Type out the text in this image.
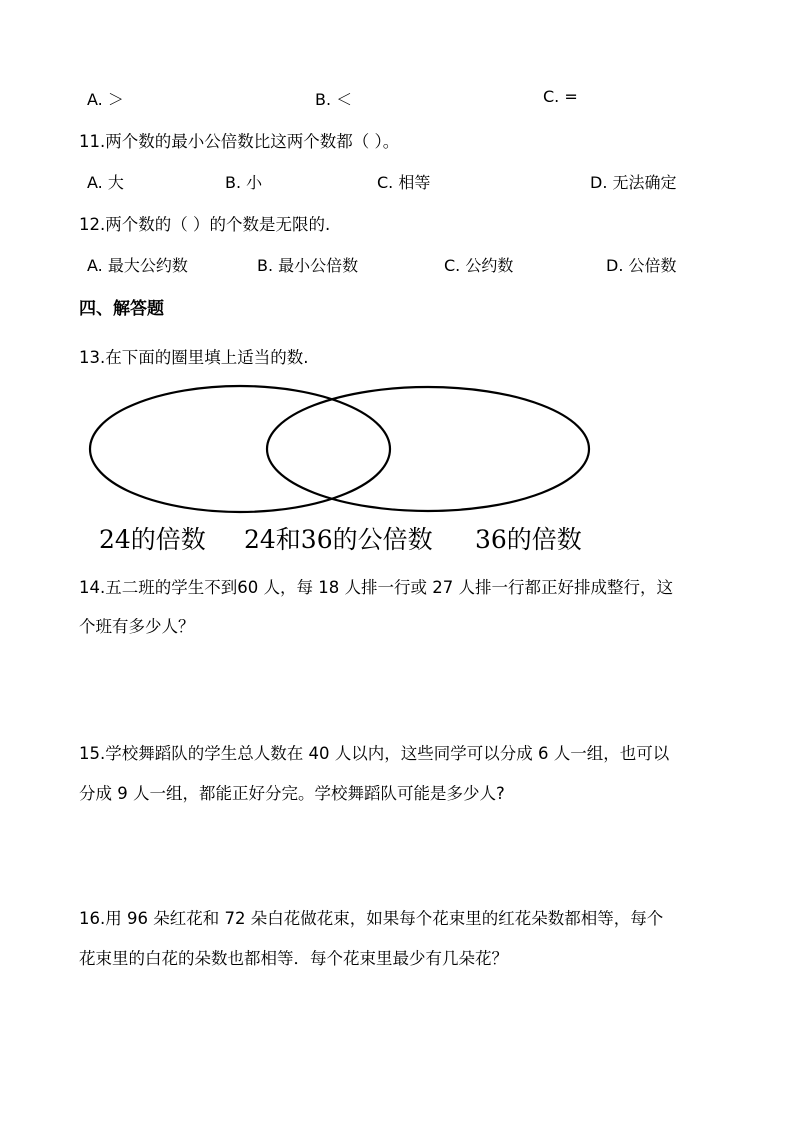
A. ＞	B. ＜	C. =
11.两个数的最小公倍数比这两个数都（ ）。
A. 大	B. 小	C. 相等	D. 无法确定
12.两个数的（ ）的个数是无限的.
A. 最大公约数	B. 最小公倍数	C. 公约数	D. 公倍数
四、解答题
13.在下面的圈里填上适当的数.
24的倍数 24和36的公倍数 36的倍数
14.五二班的学生不到60 人，每 18 人排一行或 27 人排一行都正好排成整行，这
个班有多少人？
15.学校舞蹈队的学生总人数在 40 人以内，这些同学可以分成 6 人一组，也可以
分成 9 人一组，都能正好分完。学校舞蹈队可能是多少人?
16.用 96 朵红花和 72 朵白花做花束，如果每个花束里的红花朵数都相等，每个
花束里的白花的朵数也都相等．每个花束里最少有几朵花？
